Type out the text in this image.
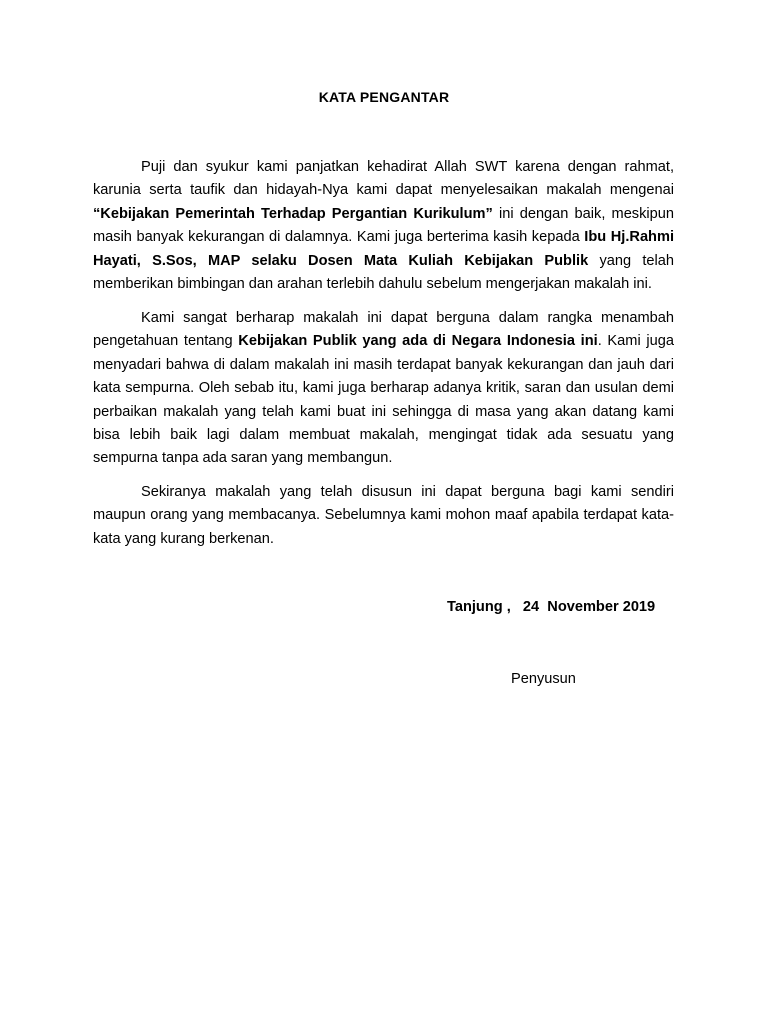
KATA PENGANTAR

Puji dan syukur kami panjatkan kehadirat Allah SWT karena dengan rahmat, karunia serta taufik dan hidayah-Nya kami dapat menyelesaikan makalah mengenai “Kebijakan Pemerintah Terhadap Pergantian Kurikulum” ini dengan baik, meskipun masih banyak kekurangan di dalamnya. Kami juga berterima kasih kepada Ibu Hj.Rahmi Hayati, S.Sos, MAP selaku Dosen Mata Kuliah Kebijakan Publik yang telah memberikan bimbingan dan arahan terlebih dahulu sebelum mengerjakan makalah ini.

Kami sangat berharap makalah ini dapat berguna dalam rangka menambah pengetahuan tentang Kebijakan Publik yang ada di Negara Indonesia ini. Kami juga menyadari bahwa di dalam makalah ini masih terdapat banyak kekurangan dan jauh dari kata sempurna. Oleh sebab itu, kami juga berharap adanya kritik, saran dan usulan demi perbaikan makalah yang telah kami buat ini sehingga di masa yang akan datang kami bisa lebih baik lagi dalam membuat makalah, mengingat tidak ada sesuatu yang sempurna tanpa ada saran yang membangun.

Sekiranya makalah yang telah disusun ini dapat berguna bagi kami sendiri maupun orang yang membacanya. Sebelumnya kami mohon maaf apabila terdapat kata-kata yang kurang berkenan.

Tanjung ,   24  November 2019
Penyusun
